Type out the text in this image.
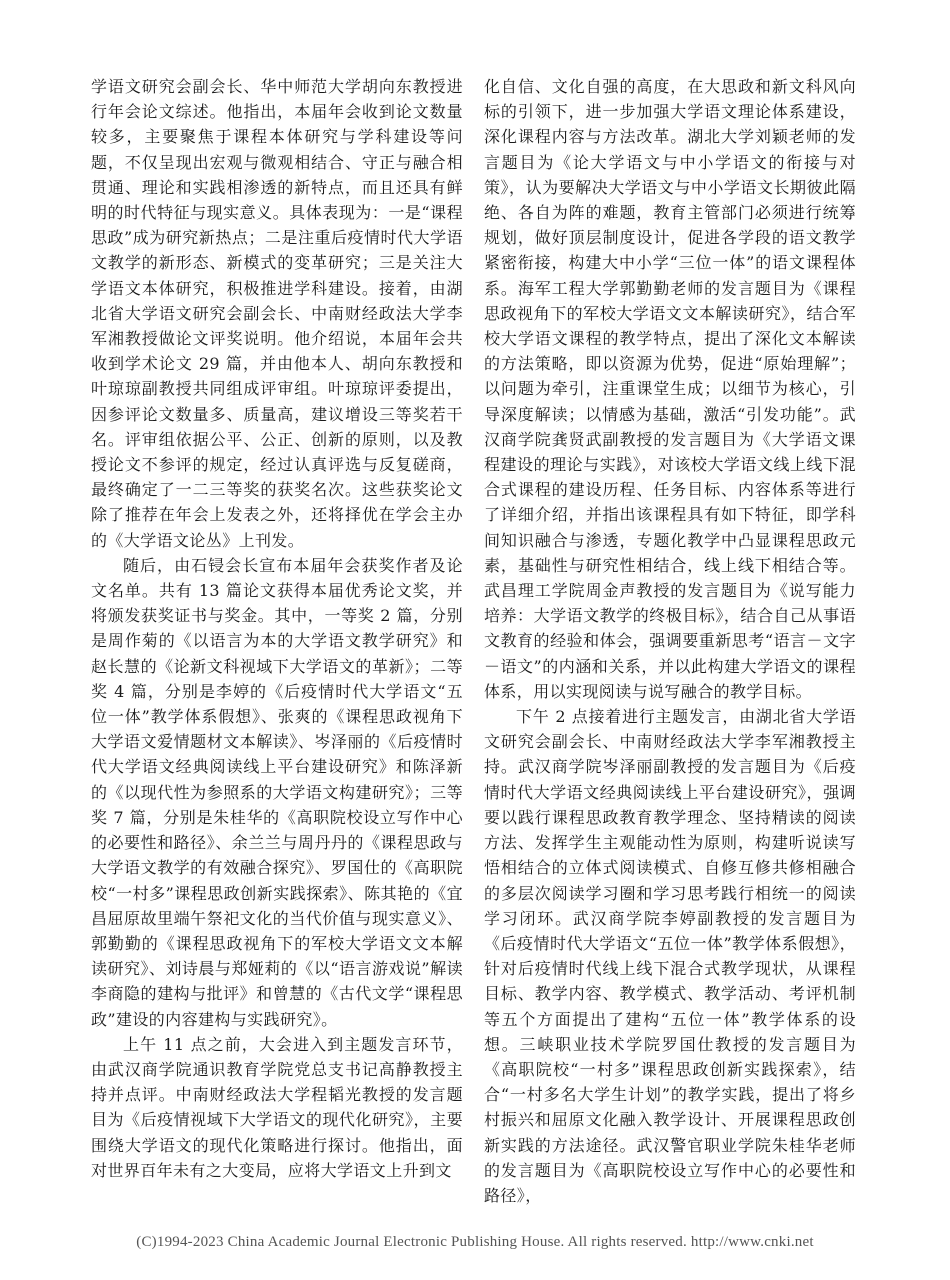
学语文研究会副会长、华中师范大学胡向东教授进行年会论文综述。他指出，本届年会收到论文数量较多，主要聚焦于课程本体研究与学科建设等问题，不仅呈现出宏观与微观相结合、守正与融合相贯通、理论和实践相渗透的新特点，而且还具有鲜明的时代特征与现实意义。具体表现为：一是“课程思政”成为研究新热点；二是注重后疫情时代大学语文教学的新形态、新模式的变革研究；三是关注大学语文本体研究，积极推进学科建设。接着，由湖北省大学语文研究会副会长、中南财经政法大学李军湘教授做论文评奖说明。他介绍说，本届年会共收到学术论文 29 篇，并由他本人、胡向东教授和叶琼琼副教授共同组成评审组。叶琼琼评委提出，因参评论文数量多、质量高，建议增设三等奖若干名。评审组依据公平、公正、创新的原则，以及教授论文不参评的规定，经过认真评选与反复磋商，最终确定了一二三等奖的获奖名次。这些获奖论文除了推荐在年会上发表之外，还将择优在学会主办的《大学语文论丛》上刊发。

随后，由石锓会长宣布本届年会获奖作者及论文名单。共有 13 篇论文获得本届优秀论文奖，并将颁发获奖证书与奖金。其中，一等奖 2 篇，分别是周作菊的《以语言为本的大学语文教学研究》和赵长慧的《论新文科视域下大学语文的革新》；二等奖 4 篇，分别是李婷的《后疫情时代大学语文“五位一体”教学体系假想》、张爽的《课程思政视角下大学语文爱情题材文本解读》、岑泽丽的《后疫情时代大学语文经典阅读线上平台建设研究》和陈泽新的《以现代性为参照系的大学语文构建研究》；三等奖 7 篇，分别是朱桂华的《高职院校设立写作中心的必要性和路径》、余兰兰与周丹丹的《课程思政与大学语文教学的有效融合探究》、罗国仕的《高职院校“一村多”课程思政创新实践探索》、陈其艳的《宜昌屈原故里端午祭祀文化的当代价值与现实意义》、郭勤勤的《课程思政视角下的军校大学语文文本解读研究》、刘诗晨与郑娅莉的《以“语言游戏说”解读李商隐的建构与批评》和曾慧的《古代文学“课程思政”建设的内容建构与实践研究》。

上午 11 点之前，大会进入到主题发言环节，由武汉商学院通识教育学院党总支书记高静教授主持并点评。中南财经政法大学程韬光教授的发言题目为《后疫情视域下大学语文的现代化研究》，主要围绕大学语文的现代化策略进行探讨。他指出，面对世界百年未有之大变局，应将大学语文上升到文

化自信、文化自强的高度，在大思政和新文科风向标的引领下，进一步加强大学语文理论体系建设，深化课程内容与方法改革。湖北大学刘颖老师的发言题目为《论大学语文与中小学语文的衔接与对策》，认为要解决大学语文与中小学语文长期彼此隔绝、各自为阵的难题，教育主管部门必须进行统筹规划，做好顶层制度设计，促进各学段的语文教学紧密衔接，构建大中小学“三位一体”的语文课程体系。海军工程大学郭勤勤老师的发言题目为《课程思政视角下的军校大学语文文本解读研究》，结合军校大学语文课程的教学特点，提出了深化文本解读的方法策略，即以资源为优势，促进“原始理解”；以问题为牵引，注重课堂生成；以细节为核心，引导深度解读；以情感为基础，激活“引发功能”。武汉商学院龚贤武副教授的发言题目为《大学语文课程建设的理论与实践》，对该校大学语文线上线下混合式课程的建设历程、任务目标、内容体系等进行了详细介绍，并指出该课程具有如下特征，即学科间知识融合与渗透，专题化教学中凸显课程思政元素，基础性与研究性相结合，线上线下相结合等。武昌理工学院周金声教授的发言题目为《说写能力培养：大学语文教学的终极目标》，结合自己从事语文教育的经验和体会，强调要重新思考“语言－文字－语文”的内涵和关系，并以此构建大学语文的课程体系，用以实现阅读与说写融合的教学目标。

下午 2 点接着进行主题发言，由湖北省大学语文研究会副会长、中南财经政法大学李军湘教授主持。武汉商学院岑泽丽副教授的发言题目为《后疫情时代大学语文经典阅读线上平台建设研究》，强调要以践行课程思政教育教学理念、坚持精读的阅读方法、发挥学生主观能动性为原则，构建听说读写悟相结合的立体式阅读模式、自修互修共修相融合的多层次阅读学习圈和学习思考践行相统一的阅读学习闭环。武汉商学院李婷副教授的发言题目为《后疫情时代大学语文“五位一体”教学体系假想》，针对后疫情时代线上线下混合式教学现状，从课程目标、教学内容、教学模式、教学活动、考评机制等五个方面提出了建构“五位一体”教学体系的设想。三峡职业技术学院罗国仕教授的发言题目为《高职院校“一村多”课程思政创新实践探索》，结合“一村多名大学生计划”的教学实践，提出了将乡村振兴和屈原文化融入教学设计、开展课程思政创新实践的方法途径。武汉警官职业学院朱桂华老师的发言题目为《高职院校设立写作中心的必要性和路径》，

(C)1994-2023 China Academic Journal Electronic Publishing House. All rights reserved. http://www.cnki.net
